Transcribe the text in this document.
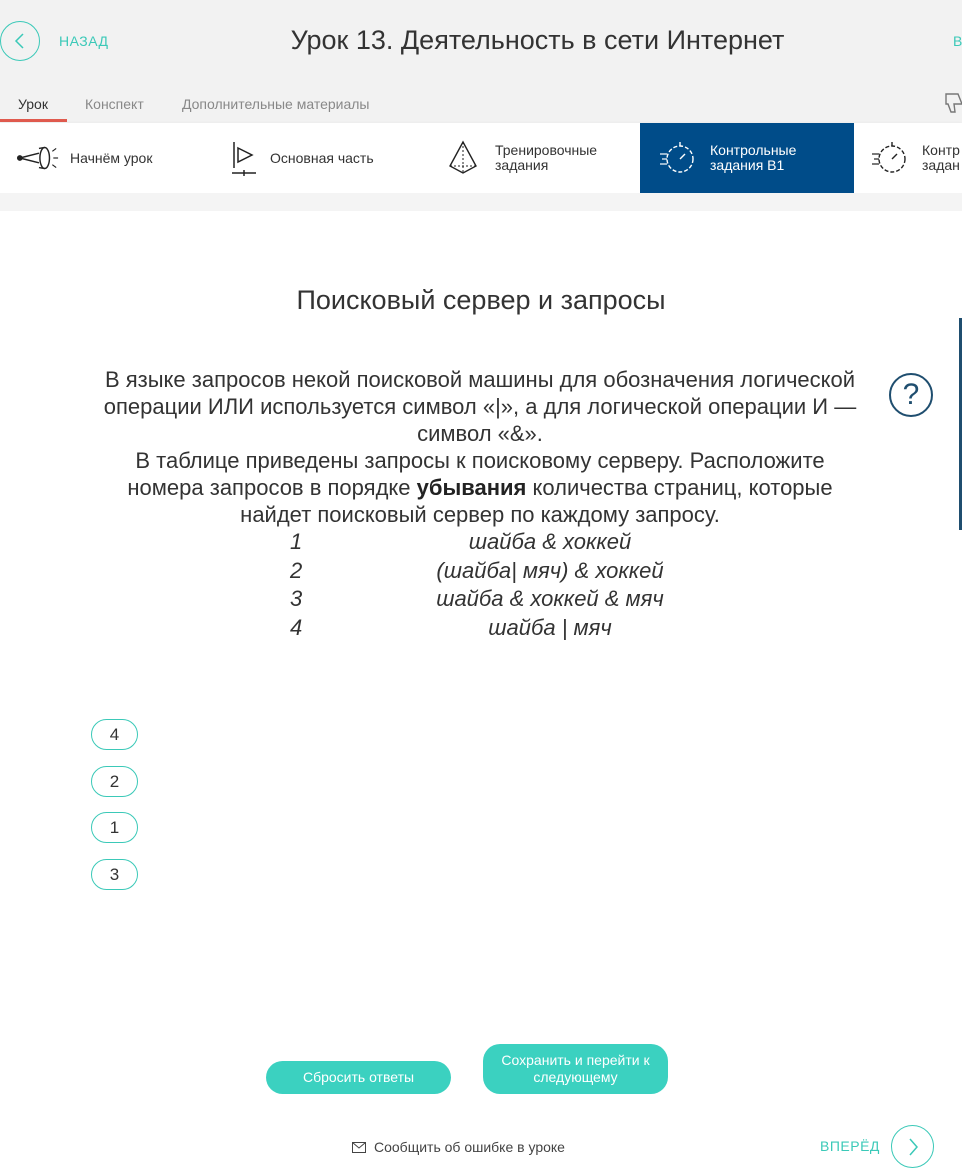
НАЗАД	Урок 13. Деятельность в сети Интернет	В
Урок	Конспект	Дополнительные материалы
Начнём урок	Основная часть	Тренировочные
задания
Контрольные
задания В1
Контр
задан
Поисковый сервер и запросы
В языке запросов некой поисковой машины для обозначения логической операции ИЛИ используется символ «|», а для логической операции И — символ «&».
В таблице приведены запросы к поисковому серверу. Расположите номера запросов в порядке убывания количества страниц, которые найдет поисковый сервер по каждому запросу.
1	шайба & хоккей
2	(шайба| мяч) & хоккей
3	шайба & хоккей & мяч
4	шайба | мяч
?
4
2
1
3
Сбросить ответы
Сохранить и перейти к
следующему
Сообщить об ошибке в уроке	ВПЕРЁД
